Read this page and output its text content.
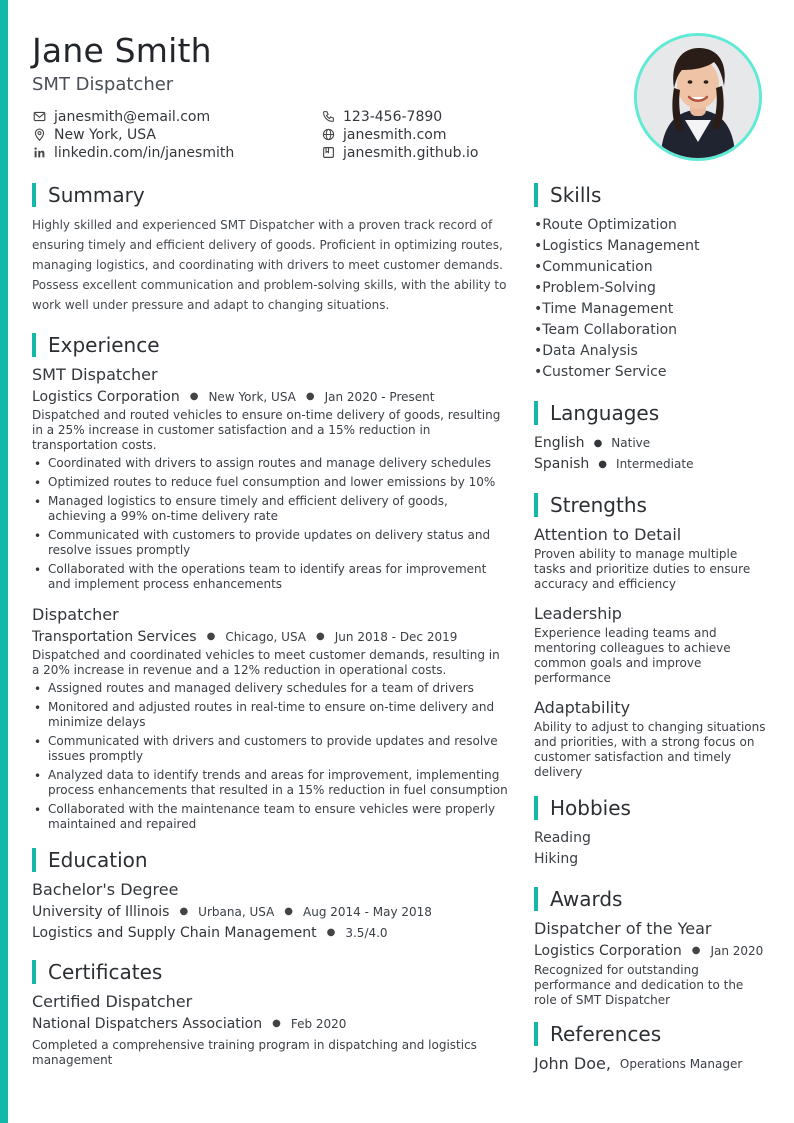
Jane Smith
SMT Dispatcher
janesmith@email.com	123-456-7890
New York, USA	janesmith.com
linkedin.com/in/janesmith	janesmith.github.io
Summary

Highly skilled and experienced SMT Dispatcher with a proven track record of ensuring timely and efficient delivery of goods. Proficient in optimizing routes, managing logistics, and coordinating with drivers to meet customer demands. Possess excellent communication and problem-solving skills, with the ability to work well under pressure and adapt to changing situations.

Experience
SMT Dispatcher
Logistics Corporation ● New York, USA ● Jan 2020 - Present
Dispatched and routed vehicles to ensure on-time delivery of goods, resulting in a 25% increase in customer satisfaction and a 15% reduction in transportation costs.
• Coordinated with drivers to assign routes and manage delivery schedules
• Optimized routes to reduce fuel consumption and lower emissions by 10%
• Managed logistics to ensure timely and efficient delivery of goods, achieving a 99% on-time delivery rate
• Communicated with customers to provide updates on delivery status and resolve issues promptly
• Collaborated with the operations team to identify areas for improvement and implement process enhancements
Dispatcher
Transportation Services ● Chicago, USA ● Jun 2018 - Dec 2019
Dispatched and coordinated vehicles to meet customer demands, resulting in a 20% increase in revenue and a 12% reduction in operational costs.
• Assigned routes and managed delivery schedules for a team of drivers
• Monitored and adjusted routes in real-time to ensure on-time delivery and minimize delays
• Communicated with drivers and customers to provide updates and resolve issues promptly
• Analyzed data to identify trends and areas for improvement, implementing process enhancements that resulted in a 15% reduction in fuel consumption
• Collaborated with the maintenance team to ensure vehicles were properly maintained and repaired
Education
Bachelor's Degree
University of Illinois ● Urbana, USA ● Aug 2014 - May 2018
Logistics and Supply Chain Management ● 3.5/4.0
Certificates
Certified Dispatcher
National Dispatchers Association ● Feb 2020
Completed a comprehensive training program in dispatching and logistics management
Skills
• Route Optimization
• Logistics Management
• Communication
• Problem-Solving
• Time Management
• Team Collaboration
• Data Analysis
• Customer Service
Languages
English ● Native
Spanish ● Intermediate
Strengths
Attention to Detail
Proven ability to manage multiple tasks and prioritize duties to ensure accuracy and efficiency
Leadership
Experience leading teams and mentoring colleagues to achieve common goals and improve performance
Adaptability
Ability to adjust to changing situations and priorities, with a strong focus on customer satisfaction and timely delivery
Hobbies
Reading
Hiking
Awards
Dispatcher of the Year
Logistics Corporation ● Jan 2020
Recognized for outstanding performance and dedication to the role of SMT Dispatcher
References
John Doe, Operations Manager
